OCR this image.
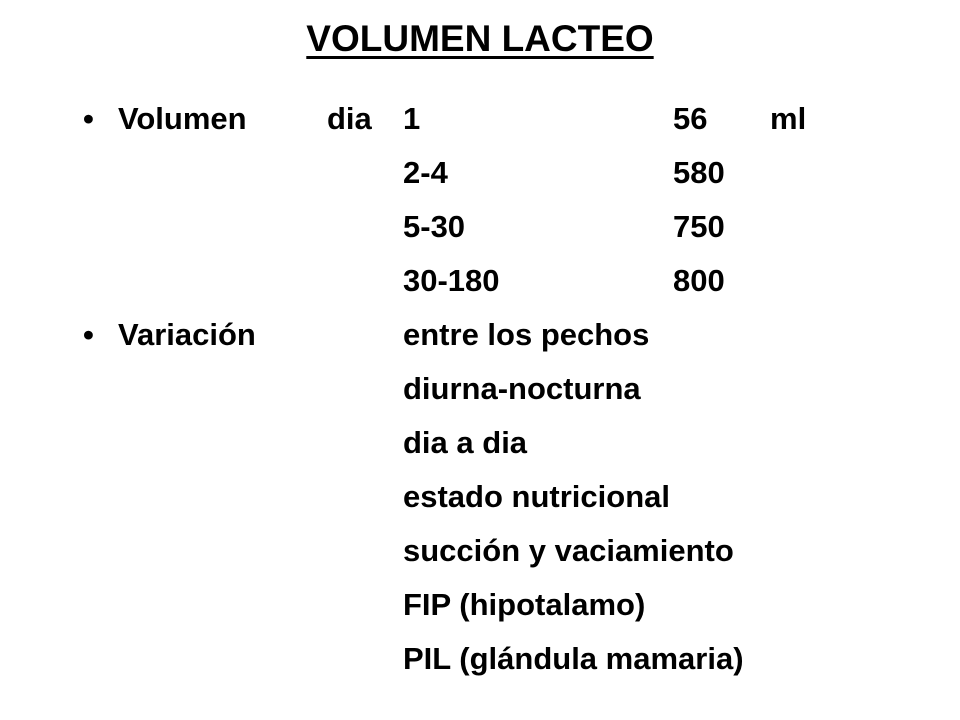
VOLUMEN LACTEO
•
Volumen	dia 1	56 ml
2-4	580
5-30	750
30-180	800
•
Variación	entre los pechos
diurna-nocturna
dia a dia
estado nutricional
succión y vaciamiento
FIP (hipotalamo)
PIL (glándula mamaria)
